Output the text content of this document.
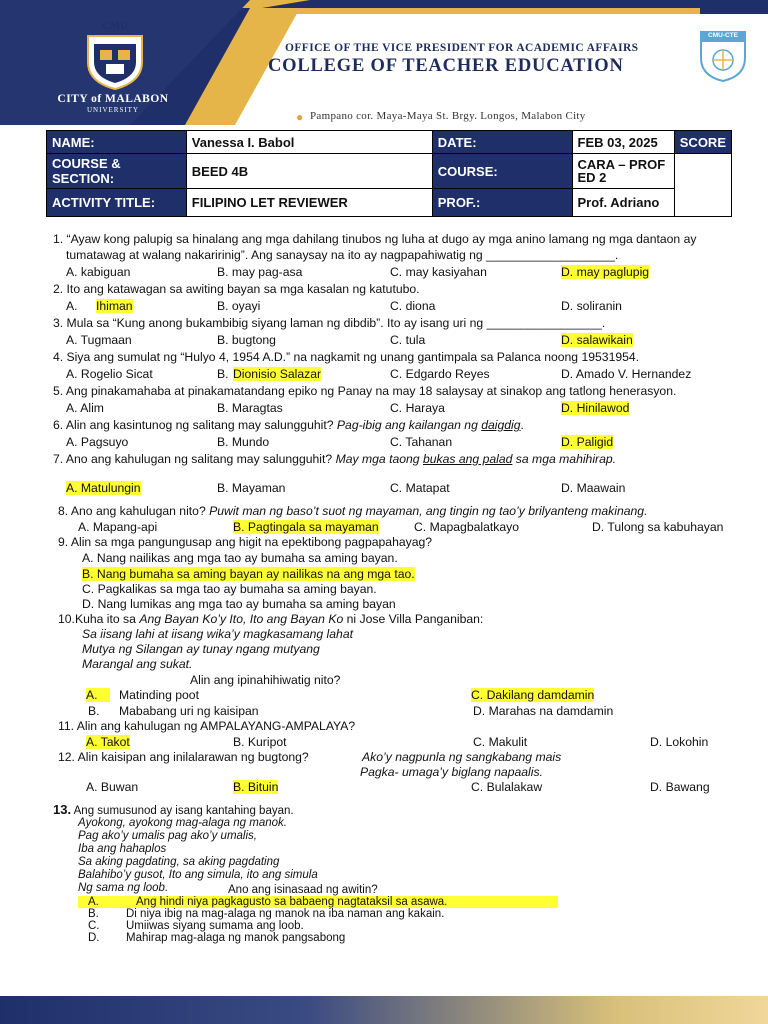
CMU
CITY of MALABON
UNIVERSITY
OFFICE OF THE VICE PRESIDENT FOR ACADEMIC AFFAIRS
COLLEGE OF TEACHER EDUCATION
CMU-CTE
● Pampano cor. Maya-Maya St. Brgy. Longos, Malabon City
NAME:	Vanessa I. Babol	DATE:	FEB 03, 2025	SCORE
COURSE & SECTION:	BEED 4B	COURSE:	CARA – PROF ED 2	
ACTIVITY TITLE:	FILIPINO LET REVIEWER	PROF.:	Prof. Adriano	
1. “Ayaw kong palupig sa hinalang ang mga dahilang tinubos ng luha at dugo ay mga anino lamang ng mga dantaon ay
tumatawag at walang nakaririnig”. Ang sanaysay na ito ay nagpapahiwatig ng ___________________.
A. kabiguan	B. may pag-asa	C. may kasiyahan	D. may paglupig
2. Ito ang katawagan sa awiting bayan sa mga kasalan ng katutubo.
A. Ihiman	B. oyayi	C. diona	D. soliranin
3. Mula sa “Kung anong bukambibig siyang laman ng dibdib”. Ito ay isang uri ng _________________.
A. Tugmaan	B. bugtong	C. tula	D. salawikain
4. Siya ang sumulat ng “Hulyo 4, 1954 A.D.” na nagkamit ng unang gantimpala sa Palanca noong 19531954.
A. Rogelio Sicat	B. Dionisio Salazar	C. Edgardo Reyes	D. Amado V. Hernandez
5. Ang pinakamahaba at pinakamatandang epiko ng Panay na may 18 salaysay at sinakop ang tatlong henerasyon.
A. Alim	B. Maragtas	C. Haraya	D. Hinilawod
6. Alin ang kasintunog ng salitang may salungguhit? Pag-ibig ang kailangan ng daigdig.
A. Pagsuyo	B. Mundo	C. Tahanan	D. Paligid
7. Ano ang kahulugan ng salitang may salungguhit? May mga taong bukas ang palad sa mga mahihirap.
A. Matulungin	B. Mayaman	C. Matapat	D. Maawain
8. Ano ang kahulugan nito? Puwit man ng baso’t suot ng mayaman, ang tingin ng tao’y brilyanteng makinang.
A. Mapang-api	B. Pagtingala sa mayaman	C. Mapagbalatkayo	D. Tulong sa kabuhayan
9. Alin sa mga pangungusap ang higit na epektibong pagpapahayag?
A. Nang nailikas ang mga tao ay bumaha sa aming bayan.
B. Nang bumaha sa aming bayan ay nailikas na ang mga tao.
C. Pagkalikas sa mga tao ay bumaha sa aming bayan.
D. Nang lumikas ang mga tao ay bumaha sa aming bayan
10.Kuha ito sa Ang Bayan Ko’y Ito, Ito ang Bayan Ko ni Jose Villa Panganiban:
Sa iisang lahi at iisang wika’y magkasamang lahat
Mutya ng Silangan ay tunay ngang mutyang
Marangal ang sukat.
Alin ang ipinahihiwatig nito?
A.	Matinding poot	C. Dakilang damdamin
B. Mababang uri ng kaisipan	D. Marahas na damdamin
11. Alin ang kahulugan ng AMPALAYANG-AMPALAYA?
A. Takot	B. Kuripot	C. Makulit	D. Lokohin
12. Alin kaisipan ang inilalarawan ng bugtong?	Ako’y nagpunla ng sangkabang mais
Pagka- umaga’y biglang napaalis.
A. Buwan	B. Bituin	C. Bulalakaw	D. Bawang
13. Ang sumusunod ay isang kantahing bayan.
Ayokong, ayokong mag-alaga ng manok.
Pag ako’y umalis pag ako’y umalis,
Iba ang hahaplos
Sa aking pagdating, sa aking pagdating
Balahibo’y gusot, Ito ang simula, ito ang simula
Ng sama ng loob.	Ano ang isinasaad ng awitin?
A.	Ang hindi niya pagkagusto sa babaeng nagtataksil sa asawa.
B. Di niya ibig na mag-alaga ng manok na iba naman ang kakain.
C. Umiiwas siyang sumama ang loob.
D. Mahirap mag-alaga ng manok pangsabong
